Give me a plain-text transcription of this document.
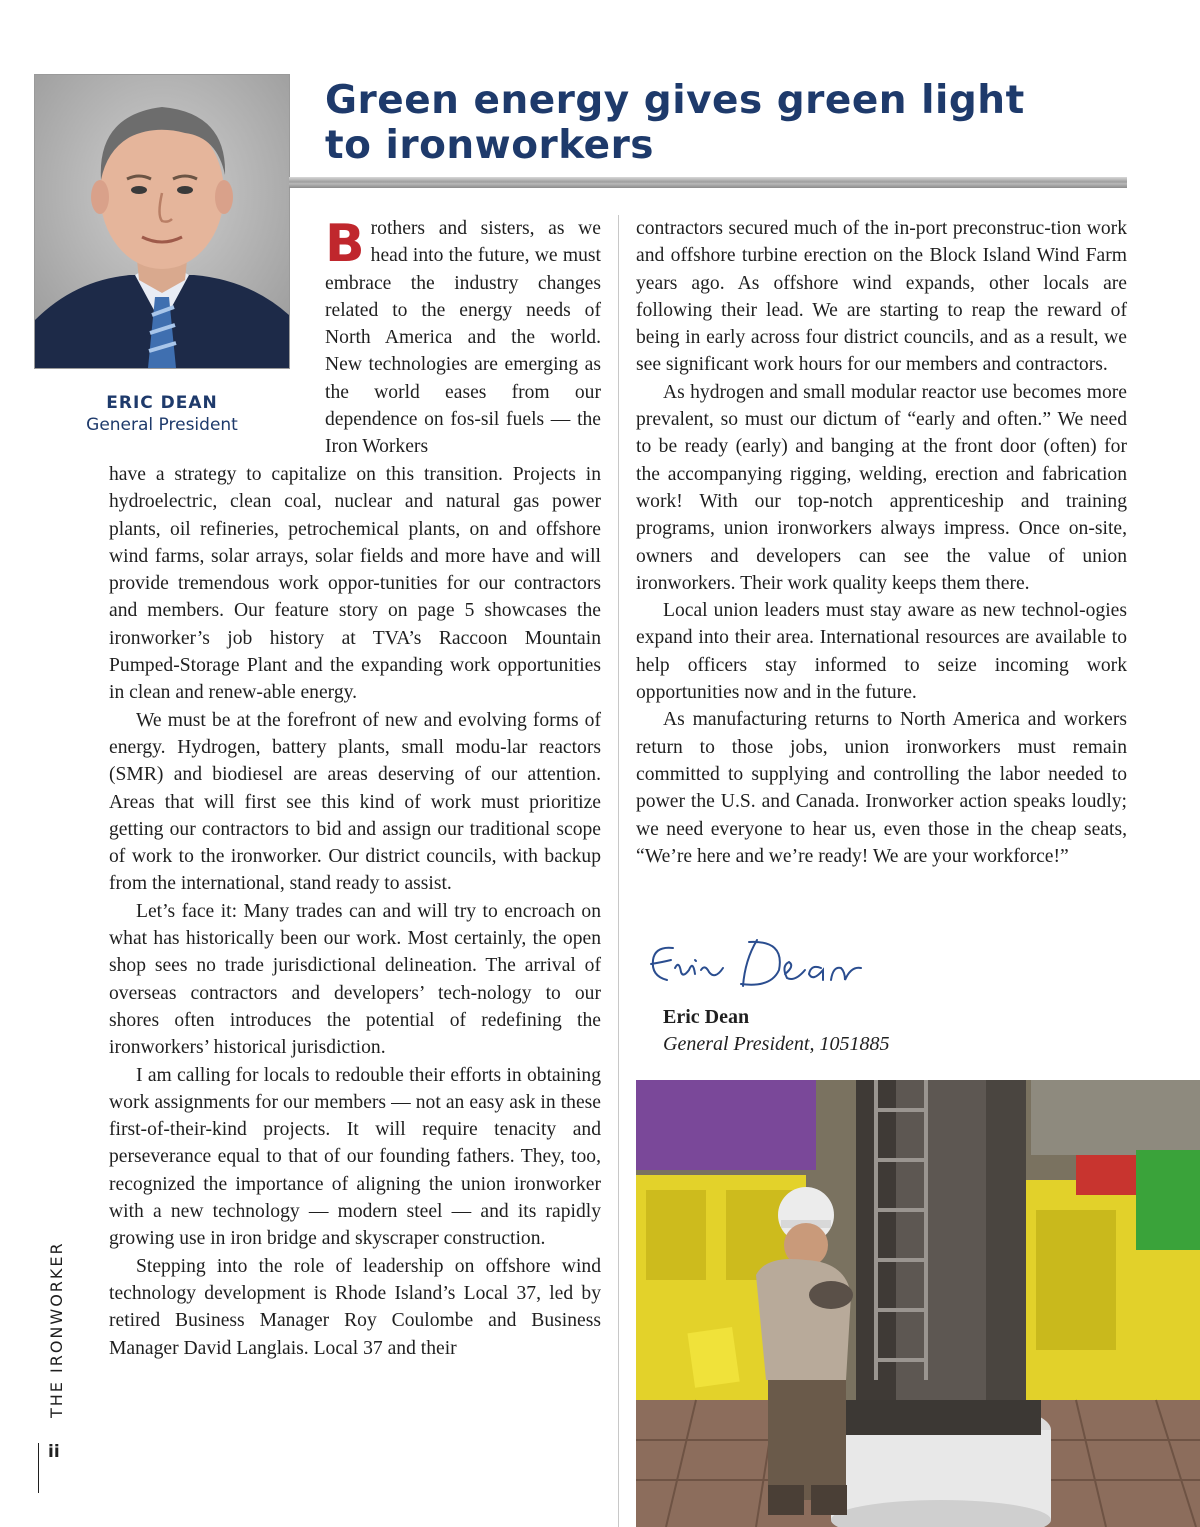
ERIC DEAN
General President
Green energy gives green light
to ironworkers
B rothers and sisters, as we head into the future, we must embrace the industry changes related to the energy needs of North America and the world. New technologies are emerging as the world eases from our dependence on fos-sil fuels — the Iron Workers

have a strategy to capitalize on this transition. Projects in hydroelectric, clean coal, nuclear and natural gas power plants, oil refineries, petrochemical plants, on and offshore wind farms, solar arrays, solar fields and more have and will provide tremendous work oppor-tunities for our contractors and members. Our feature story on page 5 showcases the ironworker’s job history at TVA’s Raccoon Mountain Pumped-Storage Plant and the expanding work opportunities in clean and renew-able energy.

We must be at the forefront of new and evolving forms of energy. Hydrogen, battery plants, small modu-lar reactors (SMR) and biodiesel are areas deserving of our attention. Areas that will first see this kind of work must prioritize getting our contractors to bid and assign our traditional scope of work to the ironworker. Our district councils, with backup from the international, stand ready to assist.

Let’s face it: Many trades can and will try to encroach on what has historically been our work. Most certainly, the open shop sees no trade jurisdictional delineation. The arrival of overseas contractors and developers’ tech-nology to our shores often introduces the potential of redefining the ironworkers’ historical jurisdiction.

I am calling for locals to redouble their efforts in obtaining work assignments for our members — not an easy ask in these first-of-their-kind projects. It will require tenacity and perseverance equal to that of our founding fathers. They, too, recognized the importance of aligning the union ironworker with a new technology — modern steel — and its rapidly growing use in iron bridge and skyscraper construction.

Stepping into the role of leadership on offshore wind technology development is Rhode Island’s Local 37, led by retired Business Manager Roy Coulombe and Business Manager David Langlais. Local 37 and their

contractors secured much of the in-port preconstruc-tion work and offshore turbine erection on the Block Island Wind Farm years ago. As offshore wind expands, other locals are following their lead. We are starting to reap the reward of being in early across four district councils, and as a result, we see significant work hours for our members and contractors.

As hydrogen and small modular reactor use becomes more prevalent, so must our dictum of “early and often.” We need to be ready (early) and banging at the front door (often) for the accompanying rigging, welding, erection and fabrication work! With our top-notch apprenticeship and training programs, union ironworkers always impress. Once on-site, owners and developers can see the value of union ironworkers. Their work quality keeps them there.

Local union leaders must stay aware as new technol-ogies expand into their area. International resources are available to help officers stay informed to seize incoming work opportunities now and in the future.

As manufacturing returns to North America and workers return to those jobs, union ironworkers must remain committed to supplying and controlling the labor needed to power the U.S. and Canada. Ironworker action speaks loudly; we need everyone to hear us, even those in the cheap seats, “We’re here and we’re ready! We are your workforce!”

Eric Dean
General President, 1051885
THE IRONWORKER
ii
